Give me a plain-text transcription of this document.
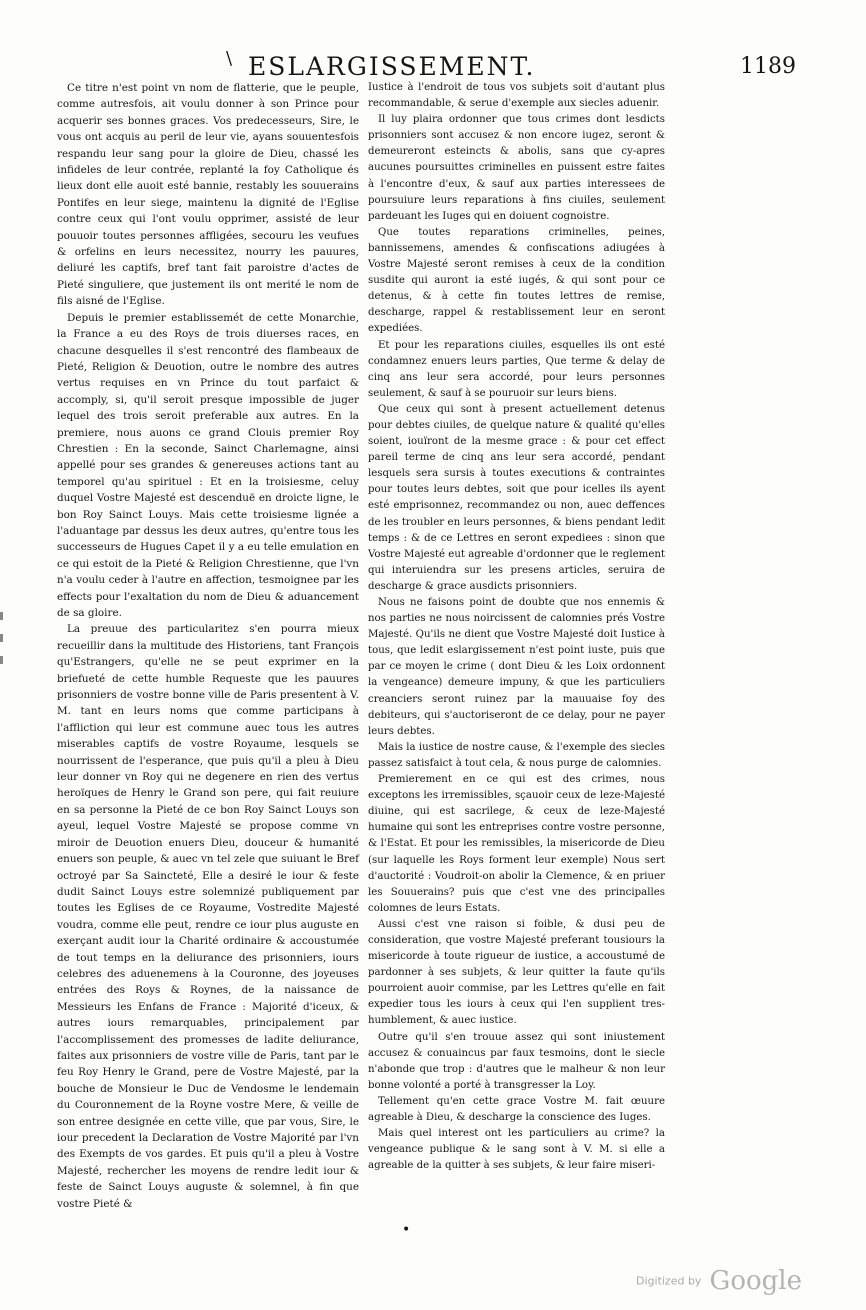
\ ESLARGISSEMENT.	1189

Ce titre n'est point vn nom de flatterie, que le peuple, comme autresfois, ait voulu donner à son Prince pour acquerir ses bonnes graces. Vos predecesseurs, Sire, le vous ont acquis au peril de leur vie, ayans souuentesfois respandu leur sang pour la gloire de Dieu, chassé les infideles de leur contrée, replanté la foy Catholique és lieux dont elle auoit esté bannie, restably les souuerains Pontifes en leur siege, maintenu la dignité de l'Eglise contre ceux qui l'ont voulu opprimer, assisté de leur pouuoir toutes personnes affligées, secouru les veufues & orfelins en leurs necessitez, nourry les pauures, deliuré les captifs, bref tant fait paroistre d'actes de Pieté singuliere, que justement ils ont merité le nom de fils aisné de l'Eglise.

Depuis le premier establissemét de cette Monarchie, la France a eu des Roys de trois diuerses races, en chacune desquelles il s'est rencontré des flambeaux de Pieté, Religion & Deuotion, outre le nombre des autres vertus requises en vn Prince du tout parfaict & accomply, si, qu'il seroit presque impossible de juger lequel des trois seroit preferable aux autres. En la premiere, nous auons ce grand Clouis premier Roy Chrestien : En la seconde, Sainct Charlemagne, ainsi appellé pour ses grandes & genereuses actions tant au temporel qu'au spirituel : Et en la troisiesme, celuy duquel Vostre Majesté est descenduë en droicte ligne, le bon Roy Sainct Louys. Mais cette troisiesme lignée a l'aduantage par dessus les deux autres, qu'entre tous les successeurs de Hugues Capet il y a eu telle emulation en ce qui estoit de la Pieté & Religion Chrestienne, que l'vn n'a voulu ceder à l'autre en affection, tesmoignee par les effects pour l'exaltation du nom de Dieu & aduancement de sa gloire.

La preuue des particularitez s'en pourra mieux recueillir dans la multitude des Historiens, tant François qu'Estrangers, qu'elle ne se peut exprimer en la briefueté de cette humble Requeste que les pauures prisonniers de vostre bonne ville de Paris presentent à V. M. tant en leurs noms que comme participans à l'affliction qui leur est commune auec tous les autres miserables captifs de vostre Royaume, lesquels se nourrissent de l'esperance, que puis qu'il a pleu à Dieu leur donner vn Roy qui ne degenere en rien des vertus heroïques de Henry le Grand son pere, qui fait reuiure en sa personne la Pieté de ce bon Roy Sainct Louys son ayeul, lequel Vostre Majesté se propose comme vn miroir de Deuotion enuers Dieu, douceur & humanité enuers son peuple, & auec vn tel zele que suiuant le Bref octroyé par Sa Saincteté, Elle a desiré le iour & feste dudit Sainct Louys estre solemnizé publiquement par toutes les Eglises de ce Royaume, Vostredite Majesté voudra, comme elle peut, rendre ce iour plus auguste en exerçant audit iour la Charité ordinaire & accoustumée de tout temps en la deliurance des prisonniers, iours celebres des aduenemens à la Couronne, des joyeuses entrées des Roys & Roynes, de la naissance de Messieurs les Enfans de France : Majorité d'iceux, & autres iours remarquables, principalement par l'accomplissement des promesses de ladite deliurance, faites aux prisonniers de vostre ville de Paris, tant par le feu Roy Henry le Grand, pere de Vostre Majesté, par la bouche de Monsieur le Duc de Vendosme le lendemain du Couronnement de la Royne vostre Mere, & veille de son entree designée en cette ville, que par vous, Sire, le iour precedent la Declaration de Vostre Majorité par l'vn des Exempts de vos gardes. Et puis qu'il a pleu à Vostre Majesté, rechercher les moyens de rendre ledit iour & feste de Sainct Louys auguste & solemnel, à fin que vostre Pieté &

Iustice à l'endroit de tous vos subjets soit d'autant plus recommandable, & serue d'exemple aux siecles aduenir.

Il luy plaira ordonner que tous crimes dont lesdicts prisonniers sont accusez & non encore iugez, seront & demeureront esteincts & abolis, sans que cy-apres aucunes poursuittes criminelles en puissent estre faites à l'encontre d'eux, & sauf aux parties interessees de poursuiure leurs reparations à fins ciuiles, seulement pardeuant les Iuges qui en doiuent cognoistre.

Que toutes reparations criminelles, peines, bannissemens, amendes & confiscations adiugées à Vostre Majesté seront remises à ceux de la condition susdite qui auront ia esté iugés, & qui sont pour ce detenus, & à cette fin toutes lettres de remise, descharge, rappel & restablissement leur en seront expediées.

Et pour les reparations ciuiles, esquelles ils ont esté condamnez enuers leurs parties, Que terme & delay de cinq ans leur sera accordé, pour leurs personnes seulement, & sauf à se pouruoir sur leurs biens.

Que ceux qui sont à present actuellement detenus pour debtes ciuiles, de quelque nature & qualité qu'elles soient, iouïront de la mesme grace : & pour cet effect pareil terme de cinq ans leur sera accordé, pendant lesquels sera sursis à toutes executions & contraintes pour toutes leurs debtes, soit que pour icelles ils ayent esté emprisonnez, recommandez ou non, auec deffences de les troubler en leurs personnes, & biens pendant ledit temps : & de ce Lettres en seront expediees : sinon que Vostre Majesté eut agreable d'ordonner que le reglement qui interuiendra sur les presens articles, seruira de descharge & grace ausdicts prisonniers.

Nous ne faisons point de doubte que nos ennemis & nos parties ne nous noircissent de calomnies prés Vostre Majesté. Qu'ils ne dient que Vostre Majesté doit Iustice à tous, que ledit eslargissement n'est point iuste, puis que par ce moyen le crime ( dont Dieu & les Loix ordonnent la vengeance) demeure impuny, & que les particuliers creanciers seront ruinez par la mauuaise foy des debiteurs, qui s'auctoriseront de ce delay, pour ne payer leurs debtes.

Mais la iustice de nostre cause, & l'exemple des siecles passez satisfaict à tout cela, & nous purge de calomnies.

Premierement en ce qui est des crimes, nous exceptons les irremissibles, sçauoir ceux de leze-Majesté diuine, qui est sacrilege, & ceux de leze-Majesté humaine qui sont les entreprises contre vostre personne, & l'Estat. Et pour les remissibles, la misericorde de Dieu (sur laquelle les Roys forment leur exemple) Nous sert d'auctorité : Voudroit-on abolir la Clemence, & en priuer les Souuerains? puis que c'est vne des principalles colomnes de leurs Estats.

Aussi c'est vne raison si foible, & dusi peu de consideration, que vostre Majesté preferant tousiours la misericorde à toute rigueur de iustice, a accoustumé de pardonner à ses subjets, & leur quitter la faute qu'ils pourroient auoir commise, par les Lettres qu'elle en fait expedier tous les iours à ceux qui l'en supplient tres-humblement, & auec iustice.

Outre qu'il s'en trouue assez qui sont iniustement accusez & conuaincus par faux tesmoins, dont le siecle n'abonde que trop : d'autres que le malheur & non leur bonne volonté a porté à transgresser la Loy.

Tellement qu'en cette grace Vostre M. fait œuure agreable à Dieu, & descharge la conscience des Iuges.

Mais quel interest ont les particuliers au crime? la vengeance publique & le sang sont à V. M. si elle a agreable de la quitter à ses subjets, & leur faire miseri-

•
Digitized by Google
